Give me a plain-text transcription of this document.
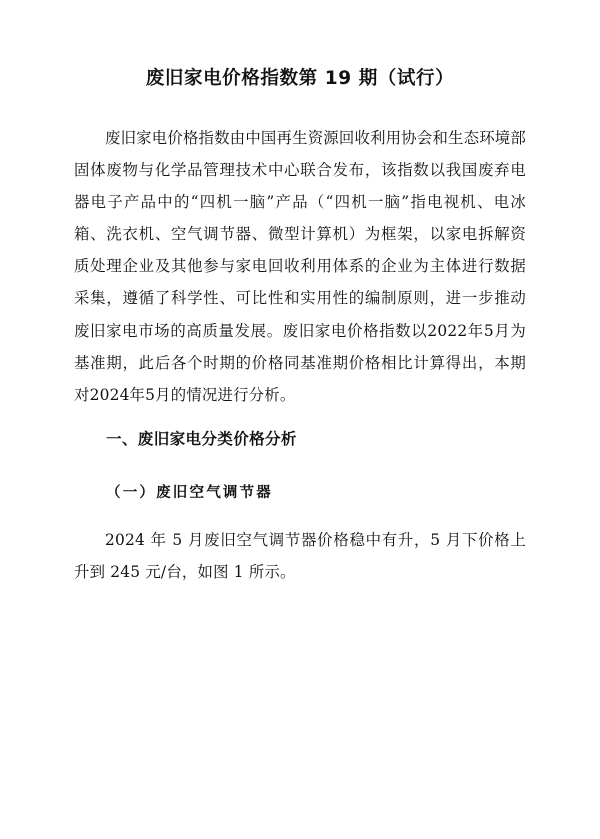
废旧家电价格指数第 19 期（试行）

废旧家电价格指数由中国再生资源回收利用协会和生态环境部固体废物与化学品管理技术中心联合发布，该指数以我国废弃电器电子产品中的“四机一脑”产品（“四机一脑”指电视机、电冰箱、洗衣机、空气调节器、微型计算机）为框架，以家电拆解资质处理企业及其他参与家电回收利用体系的企业为主体进行数据采集，遵循了科学性、可比性和实用性的编制原则，进一步推动废旧家电市场的高质量发展。废旧家电价格指数以2022年5月为基准期，此后各个时期的价格同基准期价格相比计算得出，本期对2024年5月的情况进行分析。

一、废旧家电分类价格分析
（一）废旧空气调节器

2024 年 5 月废旧空气调节器价格稳中有升，5 月下价格上升到 245 元/台，如图 1 所示。
